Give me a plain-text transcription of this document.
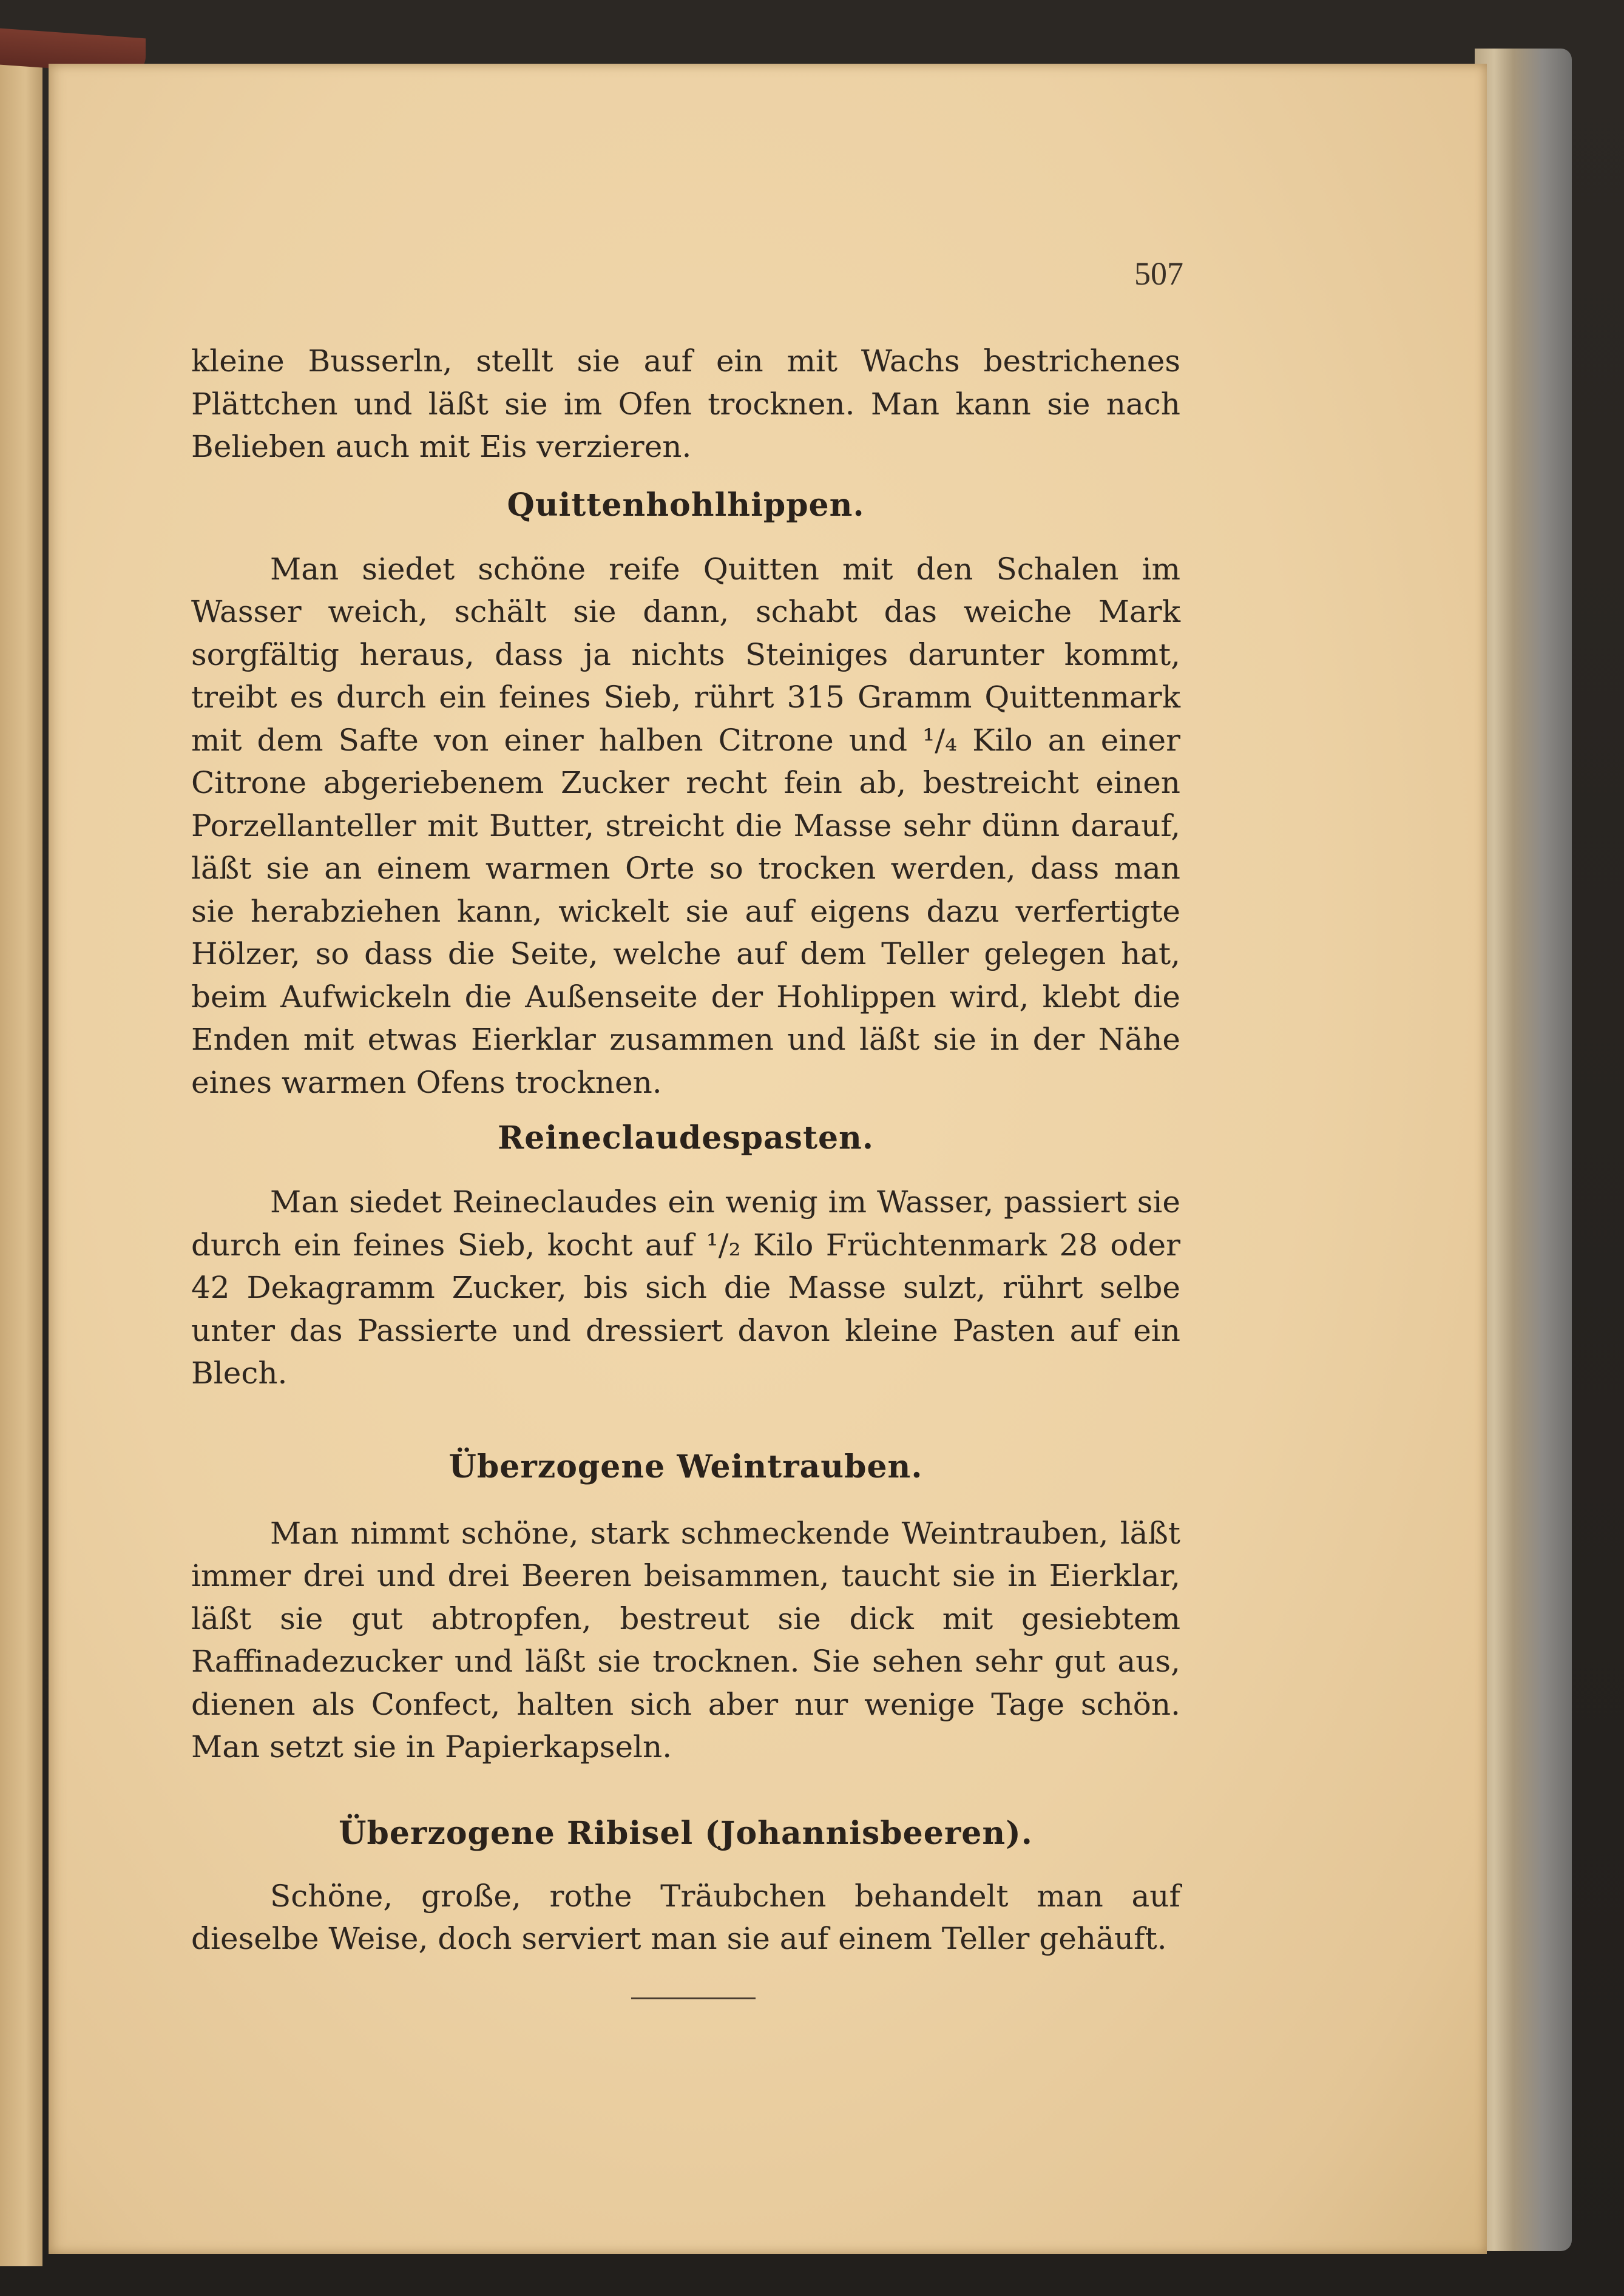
507

kleine Busserln, stellt sie auf ein mit Wachs bestrichenes Plättchen und läßt sie im Ofen trocknen. Man kann sie nach Belieben auch mit Eis verzieren.

Quittenhohlhippen.

Man siedet schöne reife Quitten mit den Schalen im Wasser weich, schält sie dann, schabt das weiche Mark sorgfältig heraus, dass ja nichts Steiniges darunter kommt, treibt es durch ein feines Sieb, rührt 315 Gramm Quittenmark mit dem Safte von einer halben Citrone und ¹/₄ Kilo an einer Citrone abgeriebenem Zucker recht fein ab, bestreicht einen Porzellanteller mit Butter, streicht die Masse sehr dünn darauf, läßt sie an einem warmen Orte so trocken werden, dass man sie herabziehen kann, wickelt sie auf eigens dazu verfertigte Hölzer, so dass die Seite, welche auf dem Teller gelegen hat, beim Aufwickeln die Außenseite der Hohlippen wird, klebt die Enden mit etwas Eierklar zusammen und läßt sie in der Nähe eines warmen Ofens trocknen.

Reineclaudespasten.

Man siedet Reineclaudes ein wenig im Wasser, passiert sie durch ein feines Sieb, kocht auf ¹/₂ Kilo Früchtenmark 28 oder 42 Dekagramm Zucker, bis sich die Masse sulzt, rührt selbe unter das Passierte und dressiert davon kleine Pasten auf ein Blech.

Überzogene Weintrauben.

Man nimmt schöne, stark schmeckende Weintrauben, läßt immer drei und drei Beeren beisammen, taucht sie in Eierklar, läßt sie gut abtropfen, bestreut sie dick mit gesiebtem Raffinadezucker und läßt sie trocknen. Sie sehen sehr gut aus, dienen als Confect, halten sich aber nur wenige Tage schön. Man setzt sie in Papierkapseln.

Überzogene Ribisel (Johannisbeeren).

Schöne, große, rothe Träubchen behandelt man auf dieselbe Weise, doch serviert man sie auf einem Teller gehäuft.
